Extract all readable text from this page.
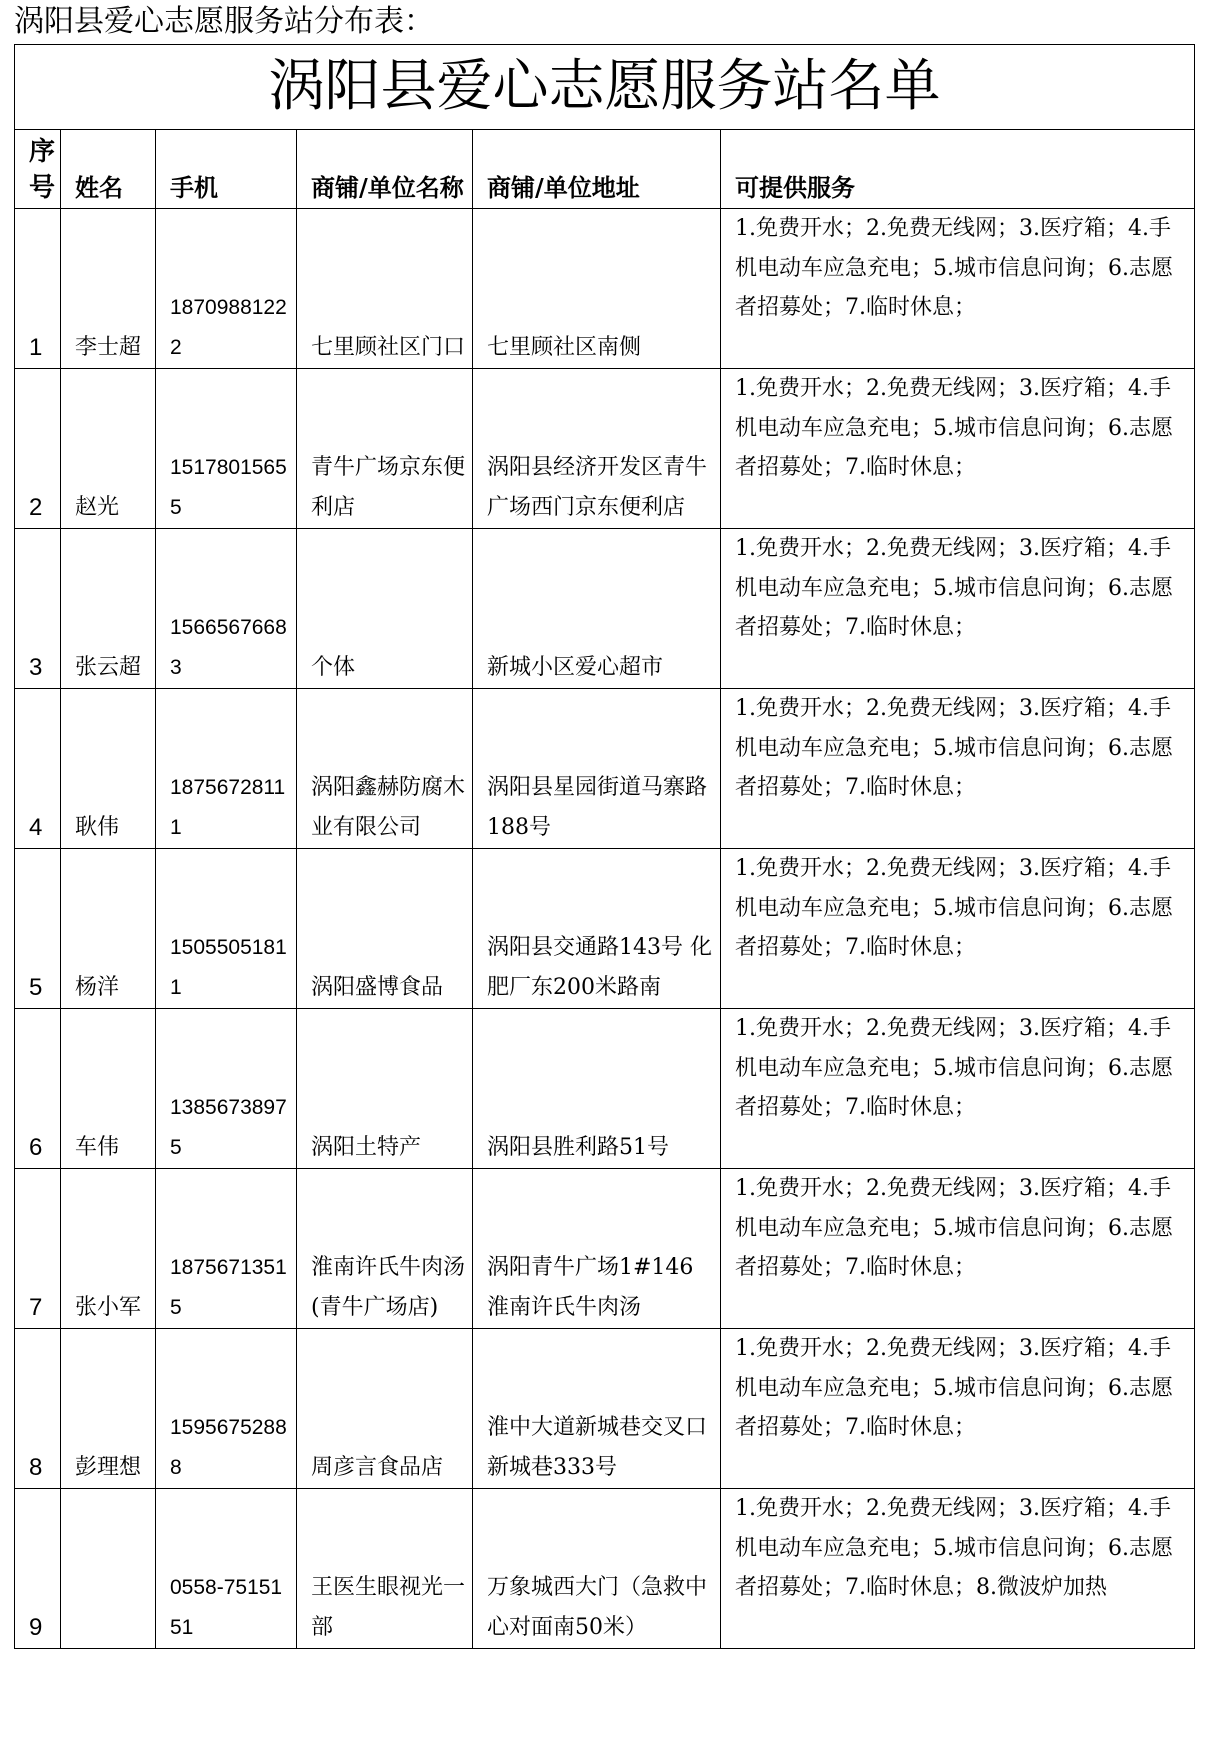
涡阳县爱心志愿服务站分布表：
涡阳县爱心志愿服务站名单					
序号	姓名	手机	商铺/单位名称	商铺/单位地址	可提供服务
1	李士超	18709881222	七里顾社区门口	七里顾社区南侧	1.免费开水；2.免费无线网；3.医疗箱；4.手机电动车应急充电；5.城市信息问询；6.志愿者招募处；7.临时休息；
2	赵光	15178015655	青牛广场京东便利店	涡阳县经济开发区青牛广场西门京东便利店	1.免费开水；2.免费无线网；3.医疗箱；4.手机电动车应急充电；5.城市信息问询；6.志愿者招募处；7.临时休息；
3	张云超	15665676683	个体	新城小区爱心超市	1.免费开水；2.免费无线网；3.医疗箱；4.手机电动车应急充电；5.城市信息问询；6.志愿者招募处；7.临时休息；
4	耿伟	18756728111	涡阳鑫赫防腐木业有限公司	涡阳县星园街道马寨路188号	1.免费开水；2.免费无线网；3.医疗箱；4.手机电动车应急充电；5.城市信息问询；6.志愿者招募处；7.临时休息；
5	杨洋	15055051811	涡阳盛博食品	涡阳县交通路143号 化肥厂东200米路南	1.免费开水；2.免费无线网；3.医疗箱；4.手机电动车应急充电；5.城市信息问询；6.志愿者招募处；7.临时休息；
6	车伟	13856738975	涡阳土特产	涡阳县胜利路51号	1.免费开水；2.免费无线网；3.医疗箱；4.手机电动车应急充电；5.城市信息问询；6.志愿者招募处；7.临时休息；
7	张小军	18756713515	淮南许氏牛肉汤(青牛广场店)	涡阳青牛广场1#146淮南许氏牛肉汤	1.免费开水；2.免费无线网；3.医疗箱；4.手机电动车应急充电；5.城市信息问询；6.志愿者招募处；7.临时休息；
8	彭理想	15956752888	周彦言食品店	淮中大道新城巷交叉口新城巷333号	1.免费开水；2.免费无线网；3.医疗箱；4.手机电动车应急充电；5.城市信息问询；6.志愿者招募处；7.临时休息；
9		0558-7515151	王医生眼视光一部	万象城西大门（急救中心对面南50米）	1.免费开水；2.免费无线网；3.医疗箱；4.手机电动车应急充电；5.城市信息问询；6.志愿者招募处；7.临时休息；8.微波炉加热
